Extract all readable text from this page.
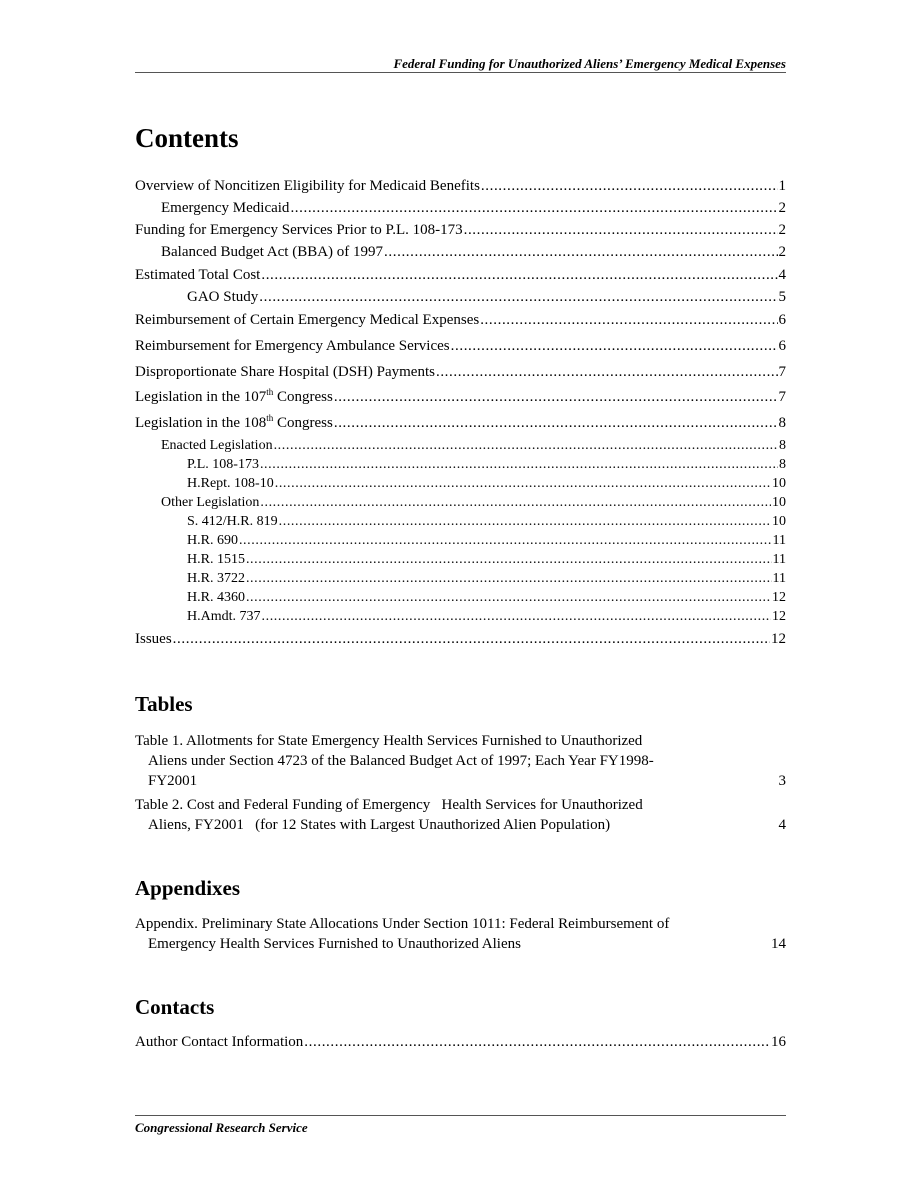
Federal Funding for Unauthorized Aliens’ Emergency Medical Expenses
Contents
Overview of Noncitizen Eligibility for Medicaid Benefits .....	1
Emergency Medicaid .....	2
Funding for Emergency Services Prior to P.L. 108-173 .....	2
Balanced Budget Act (BBA) of 1997 .....	2
Estimated Total Cost .....	4
GAO Study .....	5
Reimbursement of Certain Emergency Medical Expenses .....	6
Reimbursement for Emergency Ambulance Services .....	6
Disproportionate Share Hospital (DSH) Payments .....	7
Legislation in the 107th Congress .....	7
Legislation in the 108th Congress .....	8
Enacted Legislation .....	8
P.L. 108-173 .....	8
H.Rept. 108-10 .....	10
Other Legislation .....	10
S. 412/H.R. 819 .....	10
H.R. 690 .....	11
H.R. 1515 .....	11
H.R. 3722 .....	11
H.R. 4360 .....	12
H.Amdt. 737 .....	12
Issues .....	12
Tables
Table 1. Allotments for State Emergency Health Services Furnished to Unauthorized
Aliens under Section 4723 of the Balanced Budget Act of 1997; Each Year FY1998-
FY2001	3
Table 2. Cost and Federal Funding of Emergency   Health Services for Unauthorized
Aliens, FY2001   (for 12 States with Largest Unauthorized Alien Population)	4
Appendixes
Appendix. Preliminary State Allocations Under Section 1011: Federal Reimbursement of
Emergency Health Services Furnished to Unauthorized Aliens	14
Contacts
Author Contact Information .....	16
Congressional Research Service
